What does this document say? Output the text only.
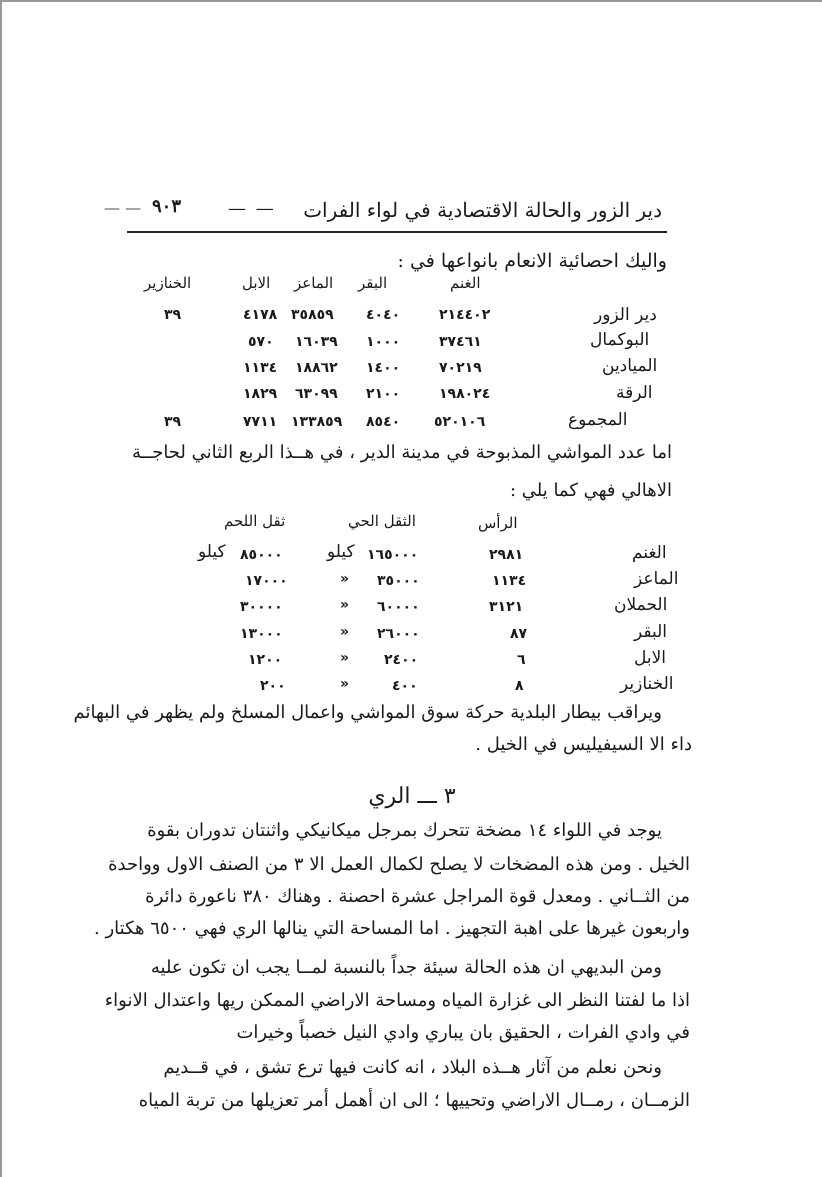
— — ٩٠٣	— —	دير الزور والحالة الاقتصادية في لواء الفرات
واليك احصائية الانعام بانواعها في :
الغنم
البقر
الماعز
الابل
الخنازير
دير الزور
٢١٤٤٠٢
٤٠٤٠
٣٥٨٥٩
٤١٧٨
٣٩
البوكمال
٣٧٤٦١
١٠٠٠
١٦٠٣٩
٥٧٠
الميادين
٧٠٢١٩
١٤٠٠
١٨٨٦٢
١١٣٤
الرقة
١٩٨٠٢٤
٢١٠٠
٦٣٠٩٩
١٨٢٩
المجموع
٥٢٠١٠٦
٨٥٤٠
١٣٣٨٥٩
٧٧١١
٣٩
اما عدد المواشي المذبوحة في مدينة الدير ، في هــذا الربع الثاني لحاجــة
الاهالي فهي كما يلي :
الرأس
الثقل الحي
ثقل اللحم
الغنم
٢٩٨١
١٦٥٠٠٠
كيلو
٨٥٠٠٠
كيلو
الماعز
١١٣٤
٣٥٠٠٠
»
١٧٠٠٠
الحملان
٣١٢١
٦٠٠٠٠
»
٣٠٠٠٠
البقر
٨٧
٢٦٠٠٠
»
١٣٠٠٠
الابل
٦
٢٤٠٠
»
١٢٠٠
الخنازير
٨
٤٠٠
»
٢٠٠
ويراقب بيطار البلدية حركة سوق المواشي واعمال المسلخ ولم يظهر في البهائم
داء الا السيفيليس في الخيل .
٣ ـــ الري
يوجد في اللواء ١٤ مضخة تتحرك بمرجل ميكانيكي واثنتان تدوران بقوة
الخيل . ومن هذه المضخات لا يصلح لكمال العمل الا ٣ من الصنف الاول وواحدة
من الثــاني . ومعدل قوة المراجل عشرة احصنة . وهناك ٣٨٠ ناعورة دائرة
واربعون غيرها على اهبة التجهيز . اما المساحة التي ينالها الري فهي ٦٥٠٠ هكتار .
ومن البديهي ان هذه الحالة سيئة جداً بالنسبة لمــا يجب ان تكون عليه
اذا ما لفتنا النظر الى غزارة المياه ومساحة الاراضي الممكن ريها واعتدال الانواء
في وادي الفرات ، الحقيق بان يباري وادي النيل خصباً وخيرات
ونحن نعلم من آثار هــذه البلاد ، انه كانت فيها ترع تشق ، في قــديم
الزمــان ، رمــال الاراضي وتحييها ؛ الى ان أهمل أمر تعزيلها من تربة المياه
